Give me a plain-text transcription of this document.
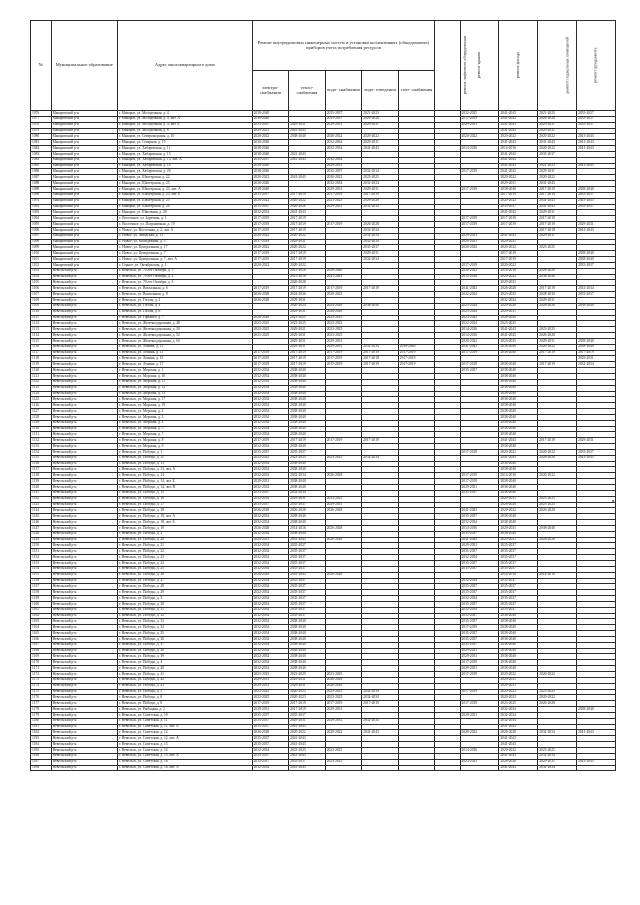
№	Муниципальное образование	Адрес многоквартирного дома	Ремонт внутридомовых инженерных систем и установка коллективных (общедомовых) приборов учета потребления ресурсов					ремонт лифтового оборудования	ремонт крыши	ремонт фасада	ремонт подвальных помещений	ремонт фундамента
			электро- снабжения	тепло- снабжения	водо- снабжения	водо- отведения	газо- снабжения					
1076	Макаровский р-н	г. Макаров, ул. Молодежная, д. 4	2038-2040		2035-2037	2021-2023			2022-2025	2041-2043	2021-2025	2035-2037
1077	Макаровский р-н	г. Макаров, ул. Молодежная, д. 4, лит. А	2038-2040		2035-2037	2026-2028			2017-2019	2041-2043	2026-2028	2035-2037
1078	Макаровский р-н	г. Макаров, ул. Молодежная, д. 4, лит. Б	2035-2037	2029-2031	2029-2031	2029-2031			2029-2031	2041-2043	2029-2031	2035-2037
1079	Макаровский р-н	г. Макаров, ул. Молодежная, д. 6	2029-2031	2041-2043						2041-2043	2029-2031	
1080	Макаровский р-н	г. Макаров, ул. Североморская, д. 10	2020-2022	2038-2040	2020-2022	2020-2022			2020-2022	2020-2022	2020-2022	2041-2043
1081	Макаровский р-н	г. Макаров, ул. Северная, д. 19	2038-2040		2032-2034	2029-2031				2041-2043	2041-2043	2041-2043
1082	Макаровский р-н	г. Макаров, ул. Хабаровская, д. 11	2038-2040		2032-2034	2041-2043			2014-2016	2014-2016	2020-2022	2041-2043
1083	Макаровский р-н	г. Макаров, ул. Хабаровская, д. 13	2038-2040	2041-2043						2041-2043	2035-2037	
1084	Макаровский р-н	г. Макаров, ул. Хабаровская, д. 13, лит. А	2035-2037	2041-2043	2032-2034					2041-2043		
1085	Макаровский р-н	г. Макаров, ул. Хабаровская, д. 14	2038-2040		2029-2031					2041-2043	2021-2023	2041-2043
1086	Макаровский р-н	г. Макаров, ул. Хабаровская, д. 20	2038-2040		2035-2037	2032-2034			2017-2019	2041-2043	2029-2031	
1087	Макаровский р-н	г. Макаров, ул. Шахтерская, д. 22	2020-2022	2041-2043	2020-2022	2023-2025				2020-2022	2020-2022	
1088	Макаровский р-н	г. Макаров, ул. Шахтерская, д. 23	2038-2040		2032-2034	2032-2034				2029-2031	2041-2043	
1089	Макаровский р-н	г. Макаров, ул. Шахтерская, д. 23, лит. А	2038-2040		2029-2031	2029-2031			2017-2019	2038-2040	2017-2019	2038-2040
1090	Макаровский р-н	г. Макаров, ул. Шахтерская, д. 23, лит. Б	2015-2017	2017-2019	2017-2019	2017-2019				2017-2019	2017-2019	2035-2037
1091	Макаровский р-н	г. Макаров, ул. Шахтерская, д. 25	2020-2022	2020-2022	2023-2025	2026-2028				2020-2022	2041-2043	2041-2043
1092	Макаровский р-н	г. Макаров, ул. Шахтерская, д. 26	2035-2037	2026-2028	2029-2031	2032-2034				2035-2037	2041-2043	2035-2037
1093	Макаровский р-н	г. Макаров, ул. Школьная, д. 28	2032-2034	2041-2043						2041-2043	2029-2031	
1094	Макаровский р-н	с. Восточное, ул. Заречная, д. 1	2017-2019	2017-2019					2017-2019	2017-2019	2017-2019	
1095	Макаровский р-н	с. Восточное, ул. Пограничная, д. 19	2017-2019	2017-2019	2017-2019	2026-2028			2017-2019	2017-2019	2017-2019	2029-2031
1096	Макаровский р-н	с. Новое, ул. Восточная, д. 2, лит. А	2017-2019	2017-2019		2032-2034					2017-2019	2041-2043
1097	Макаровский р-н	с. Новое, ул. Заводская, д. 13	2020-2022	2020-2022		2032-2034			2029-2031	2041-2043	2029-2031	
1098	Макаровский р-н	с. Новое, ул. Молодежная, д. 5	2017-2019	2029-2031		2032-2034			2029-2031	2029-2031		
1099	Макаровский р-н	с. Новое, ул. Центральная, д. 17	2020-2022	2020-2022		2035-2037			2020-2022	2020-2022	2023-2025	
1100	Макаровский р-н	с. Новое, ул. Центральная, д. 7	2017-2019	2017-2019		2029-2031				2017-2019		2038-2040
1101	Макаровский р-н	с. Новое, ул. Центральная, д. 7, лит. А	2017-2019	2017-2019		2032-2034				2017-2019		2038-2040
1102	Макаровский р-н	с. Горное, ул. Октябрьская, д. 1	2020-2022	2020-2022					2017-2019	2020-2022		2035-2037
1103	Невельский р-н	г. Невельск, ул. 70 лет Октября, д. 1		2015-2016	2038-2040				2020-2022	2014-2016	2026-2028	
1104	Невельский р-н	г. Невельск, ул. 70 лет Октября, д. 2		2015-2016	2041-2043				2015-2016	2020-2022	2038-2040	
1105	Невельский р-н	г. Невельск, ул. 70 лет Октября, д. 3		2026-2028						2029-2031		
1106	Невельский р-н	г. Невельск, ул. Вокзальная, д. 6	2017-2019	2017-2019	2017-2019	2017-2019			2041-2043	2026-2028	2017-2019	2032-2034
1107	Невельский р-н	г. Невельск, ул. Вокзальная, д. 8	2026-2028	2024-2026	2020-2023				2022-2024	2023-2025	2028-2030	2035-2037
1108	Невельский р-н	г. Невельск, ул. Гоголя, д. 2	2026-2028	2029-2031						2032-2034	2029-2031	
1109	Невельский р-н	г. Невельск, ул. Гоголя, д. 4		2020-2024	2024-2026	2038-2040			2023-2024	2020-2028	2026-2028	2038-2040
1110	Невельский р-н	г. Невельск, ул. Гоголя, д. 6		2029-2031	2026-2028				2023-2024	2029-2031		
1111	Невельский р-н	г. Невельск, ул. Горького, д. 7	2026-2028	2023-2025	2023-2025				2023-2025	2026-2028		
1112	Невельский р-н	г. Невельск, ул. Железнодорожная, д. 48	2023-2025	2023-2025	2023-2025				2022-2024	2023-2025		
1113	Невельский р-н	г. Невельск, ул. Железнодорожная, д. 50	2023-2025	2029-2031	2023-2025				2014-2016	2041-2043	2023-2025	
1114	Невельский р-н	г. Невельск, ул. Железнодорожная, д. 52	2023-2025	2029-2031	2023-2025				2014-2016	2041-2043	2026-2028	
1115	Невельский р-н	г. Невельск, ул. Железнодорожная, д. 60		2029-2031	2029-2031				2020-2022	2023-2025	2029-2031	2038-2040
1116	Невельский р-н	г. Невельск, ул. Ленина, д. 13		2029-2031	2029-2031	2032-2034	2038-2040		2041-2043	2038-2040	2020-2022	2038-2040
1117	Невельский р-н	г. Невельск, ул. Ленина, д. 15	2017-2019	2017-2019	2017-2019	2017-2019	2017-2019		2017-2019	2038-2040	2017-2019	2017-2019
1118	Невельский р-н	г. Невельск, ул. Ленина, д. 16	2017-2019	2017-2019	2017-2019	2017-2019	2017-2019					2029-2031
1119	Невельский р-н	г. Невельск, ул. Ленина, д. 17	2017-2019	2017-2019	2017-2019	2017-2019	2017-2019		2017-2019	2038-2040	2017-2019	2032-2034
1120	Невельский р-н	г. Невельск, ул. Морская, д. 1	2032-2034	2038-2040					2035-2037	2038-2040		
1121	Невельский р-н	г. Невельск, ул. Морская, д. 10	2032-2034	2038-2040						2038-2040		
1122	Невельский р-н	г. Невельск, ул. Морская, д. 11	2032-2034	2038-2040						2038-2040		
1123	Невельский р-н	г. Невельск, ул. Морская, д. 12	2032-2034	2038-2040						2038-2040		
1124	Невельский р-н	г. Невельск, ул. Морская, д. 13	2032-2034	2038-2040						2038-2040		
1125	Невельский р-н	г. Невельск, ул. Морская, д. 17	2032-2034	2038-2040						2038-2040		
1126	Невельский р-н	г. Невельск, ул. Морская, д. 19	2032-2034	2038-2040						2038-2040		
1127	Невельский р-н	г. Невельск, ул. Морская, д. 2	2032-2034	2038-2040						2038-2040		
1128	Невельский р-н	г. Невельск, ул. Морская, д. 3	2032-2034	2038-2040						2038-2040		
1129	Невельский р-н	г. Невельск, ул. Морская, д. 4	2032-2034	2038-2040						2038-2040		
1130	Невельский р-н	г. Невельск, ул. Морская, д. 5	2032-2034	2038-2040						2038-2040		
1131	Невельский р-н	г. Невельск, ул. Морская, д. 7	2032-2034	2038-2040						2038-2040		
1132	Невельский р-н	г. Невельск, ул. Морская, д. 8	2017-2019	2017-2019	2017-2019	2017-2019				2041-2043	2017-2019	2029-2031
1133	Невельский р-н	г. Невельск, ул. Морская, д. 9	2032-2034	2038-2040						2038-2040		
1134	Невельский р-н	г. Невельск, ул. Победы, д. 1	2035-2037	2035-2037					2017-2019	2020-2022	2020-2022	2035-2037
1135	Невельский р-н	г. Невельск, ул. Победы, д. 11	2023-2025	2023-2025	2023-2025	2032-2034				2041-2043	2026-2028	2041-2043
1136	Невельский р-н	г. Невельск, ул. Победы, д. 13	2032-2034	2038-2040						2038-2040		
1137	Невельский р-н	г. Невельск, ул. Победы, д. 13, лит. А	2032-2034	2038-2040						2038-2040		
1138	Невельский р-н	г. Невельск, ул. Победы, д. 14	2032-2034	2032-2034	2026-2028				2017-2019	2014-2016	2020-2022	
1139	Невельский р-н	г. Невельск, ул. Победы, д. 14, лит. Б	2029-2031	2038-2040					2017-2019	2038-2040		
1140	Невельский р-н	г. Невельск, ул. Победы, д. 14, лит. В	2032-2034	2038-2040					2029-2031	2038-2040		
1141	Невельский р-н	г. Невельск, ул. Победы, д. 15	2035-2037	2032-2034					2035-2037	2038-2040		
1142	Невельский р-н	г. Невельск, ул. Победы, д. 16	2032-2034	2029-2031	2023-2025					2029-2031	2023-2025	
1143	Невельский р-н	г. Невельск, ул. Победы, д. 17	2035-2037	2035-2037	2029-2031					2026-2028	2023-2025	
1144	Невельский р-н	г. Невельск, ул. Победы, д. 18	2026-2028	2026-2028	2026-2028				2041-2043	2020-2022	2026-2028	
1145	Невельский р-н	г. Невельск, ул. Победы, д. 18, лит. А	2032-2034	2038-2040					2035-2037	2038-2040		
1146	Невельский р-н	г. Невельск, ул. Победы, д. 18, лит. Б	2032-2034	2038-2040					2032-2034	2038-2040		
1147	Невельский р-н	г. Невельск, ул. Победы, д. 19	2026-2028	2014-2016	2026-2028				2014-2016	2029-2031	2038-2040	
1148	Невельский р-н	г. Невельск, ул. Победы, д. 2	2032-2034	2038-2040					2035-2037	2038-2040		
1149	Невельский р-н	г. Невельск, ул. Победы, д. 20	2029-2031	2041-2043	2026-2028				2041-2043	2029-2031	2026-2028	
1150	Невельский р-н	г. Невельск, ул. Победы, д. 21	2032-2034	2035-2037					2029-2031	2035-2037		
1151	Невельский р-н	г. Невельск, ул. Победы, д. 22	2032-2034	2035-2037					2035-2037	2035-2037		
1152	Невельский р-н	г. Невельск, ул. Победы, д. 23	2032-2034	2035-2037					2032-2034	2035-2037		
1153	Невельский р-н	г. Невельск, ул. Победы, д. 24	2032-2034	2035-2037					2035-2037	2035-2037		
1154	Невельский р-н	г. Невельск, ул. Победы, д. 25	2032-2034	2035-2037					2035-2037	2035-2037		
1155	Невельский р-н	г. Невельск, ул. Победы, д. 26	2026-2028	2041-2043	2026-2028					2014-2016	2014-2016	
1156	Невельский р-н	г. Невельск, ул. Победы, д. 27	2032-2034	2035-2037					2032-2034	2035-2037		
1157	Невельский р-н	г. Невельск, ул. Победы, д. 28	2032-2034	2035-2037					2035-2037	2035-2037		
1158	Невельский р-н	г. Невельск, ул. Победы, д. 29	2032-2034	2035-2037					2035-2037	2035-2037		
1159	Невельский р-н	г. Невельск, ул. Победы, д. 3	2032-2034	2035-2037					2032-2034	2035-2037		
1160	Невельский р-н	г. Невельск, ул. Победы, д. 30	2032-2034	2035-2037					2035-2037	2035-2037		
1161	Невельский р-н	г. Невельск, ул. Победы, д. 31	2032-2034	2035-2037					2032-2034	2035-2037		
1162	Невельский р-н	г. Невельск, ул. Победы, д. 32	2032-2034	2035-2037					2035-2037	2038-2040		
1163	Невельский р-н	г. Невельск, ул. Победы, д. 33	2032-2034	2038-2040					2035-2037	2038-2040		
1164	Невельский р-н	г. Невельск, ул. Победы, д. 34	2032-2034	2038-2040					2017-2019	2038-2040		
1165	Невельский р-н	г. Невельск, ул. Победы, д. 35	2032-2034	2038-2040					2035-2037	2038-2040		
1166	Невельский р-н	г. Невельск, ул. Победы, д. 36	2032-2034	2038-2040					2035-2037	2038-2040		
1167	Невельский р-н	г. Невельск, ул. Победы, д. 37	2032-2034	2038-2040					2035-2037	2038-2040		
1168	Невельский р-н	г. Невельск, ул. Победы, д. 38	2032-2034	2038-2040					2029-2031	2038-2040		
1169	Невельский р-н	г. Невельск, ул. Победы, д. 39	2032-2034	2038-2040					2029-2031	2038-2040		
1170	Невельский р-н	г. Невельск, ул. Победы, д. 4	2032-2034	2038-2040					2017-2019	2038-2040		
1171	Невельский р-н	г. Невельск, ул. Победы, д. 40	2032-2034	2038-2040					2029-2031	2038-2040		
1172	Невельский р-н	г. Невельск, ул. Победы, д. 41	2023-2025	2023-2025	2023-2025				2017-2019	2020-2022	2020-2022	
1173	Невельский р-н	г. Невельск, ул. Победы, д. 42	2029-2031	2029-2031	2026-2028					2029-2031		
1174	Невельский р-н	г. Невельск, ул. Победы, д. 43	2029-2031	2029-2031	2026-2028					2029-2031		
1175	Невельский р-н	г. Невельск, ул. Победы, д. 5	2023-2025	2020-2023	2023-2025	2032-2034			2017-2019	2020-2023	2023-2025	
1176	Невельский р-н	г. Невельск, ул. Победы, д. 6	2023-2025	2020-2023	2023-2025	2032-2034				2020-2023	2020-2022	
1177	Невельский р-н	г. Невельск, ул. Победы, д. 8	2017-2019	2017-2019	2017-2019	2017-2019			2017-2019	2023-2025	2026-2028	
1178	Невельский р-н	г. Невельск, ул. Рыбацкая, д. 2	2029-2031	2017-2019	2029-2031					2032-2034		2038-2040
1179	Невельский р-н	г. Невельск, ул. Советская, д. 10	2035-2037	2035-2037					2029-2031	2032-2034		
1180	Невельский р-н	г. Невельск, ул. Советская, д. 11	2035-2037	2029-2031	2029-2031	2032-2034				2032-2034		
1181	Невельский р-н	г. Невельск, ул. Советская, д. 11, лит. А	2035-2037	2041-2043						2041-2043		
1182	Невельский р-н	г. Невельск, ул. Советская, д. 12	2026-2028	2020-2022	2020-2022	2041-2043			2020-2022	2026-2028	2032-2034	2041-2043
1183	Невельский р-н	г. Невельск, ул. Советская, д. 12, лит. А	2035-2037	2041-2043						2041-2043		
1184	Невельский р-н	г. Невельск, ул. Советская, д. 13	2035-2037	2041-2043						2041-2043		
1185	Невельский р-н	г. Невельск, ул. Советская, д. 14	2032-2034	2023-2025	2023-2025				2014-2016	2020-2022	2023-2025	
1186	Невельский р-н	г. Невельск, ул. Советская, д. 15, лит. А	2035-2037	2041-2043						2041-2043	2032-2034	
1187	Невельский р-н	г. Невельск, ул. Советская, д. 16	2035-2037	2035-2037	2023-2025				2023-2025	2026-2028	2029-2031	2041-2043
1188	Невельский р-н	г. Невельск, ул. Советская, д. 16, лит. А	2032-2034	2041-2043						2041-2043	2032-2034	
